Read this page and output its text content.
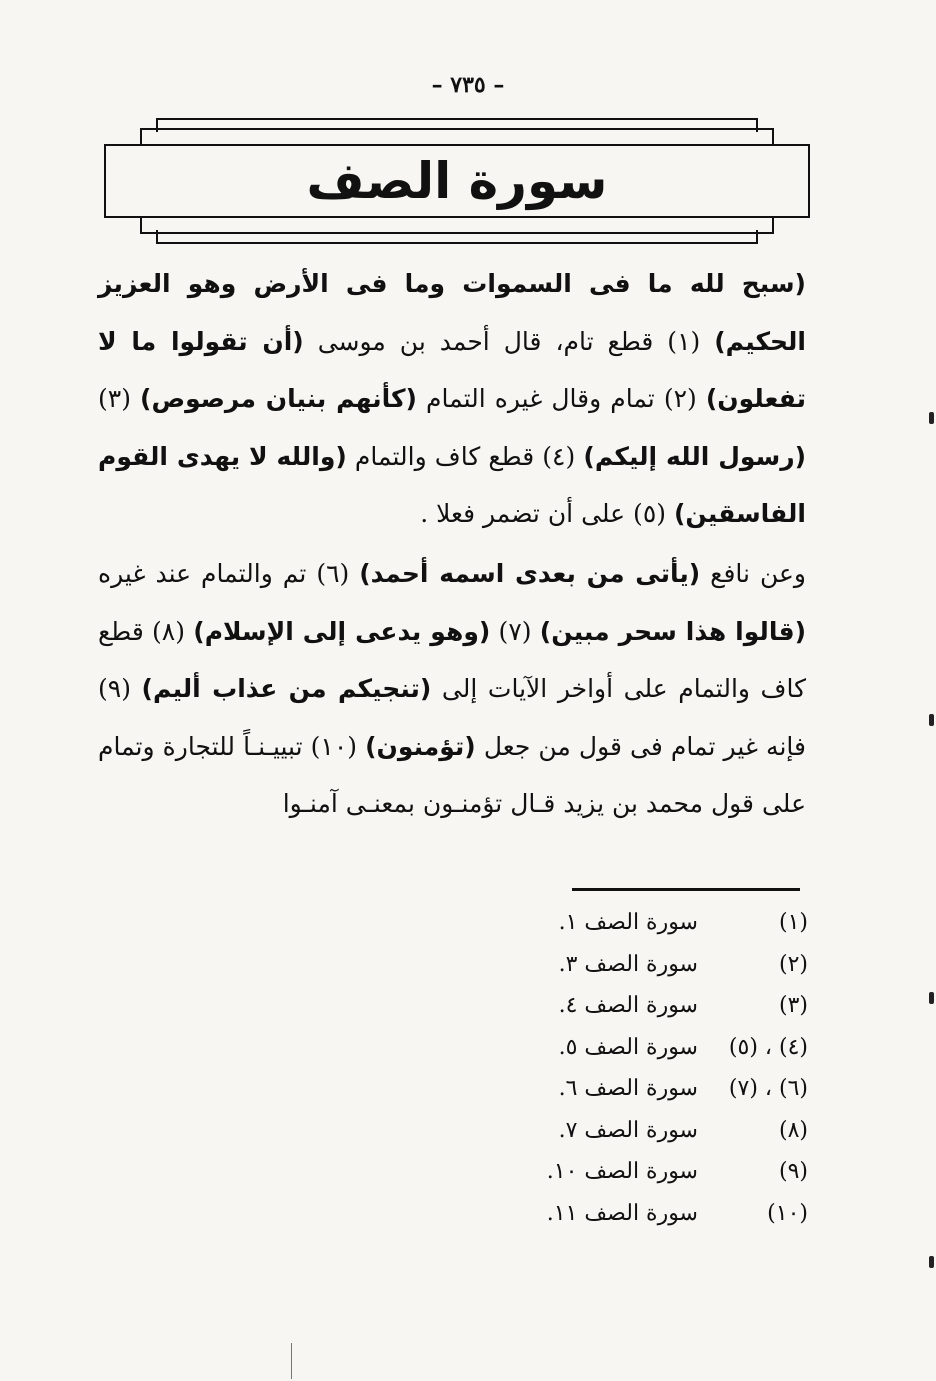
– ٧٣٥ –
سورة الصف

(سبح لله ما فى السموات وما فى الأرض وهو العزيز الحكيم) (١) قطع تام، قال أحمد بن موسى (أن تقولوا ما لا تفعلون) (٢) تمام وقال غيره التمام (كأنهم بنيان مرصوص) (٣) (رسول الله إليكم) (٤) قطع كاف والتمام (والله لا يهدى القوم الفاسقين) (٥) على أن تضمر فعلا .

وعن نافع (يأتى من بعدى اسمه أحمد) (٦) تم والتمام عند غيره (قالوا هذا سحر مبين) (٧) (وهو يدعى إلى الإسلام) (٨) قطع كاف والتمام على أواخر الآيات إلى (تنجيكم من عذاب أليم) (٩) فإنه غير تمام فى قول من جعل (تؤمنون) (١٠) تبييـنـاً للتجارة وتمام على قول محمد بن يزيد قـال تؤمنـون بمعنـى آمنـوا

(١)
سورة الصف ١.
(٢)
سورة الصف ٣.
(٣)
سورة الصف ٤.
(٤) ، (٥)
سورة الصف ٥.
(٦) ، (٧)
سورة الصف ٦.
(٨)
سورة الصف ٧.
(٩)
سورة الصف ١٠.
(١٠)
سورة الصف ١١.
